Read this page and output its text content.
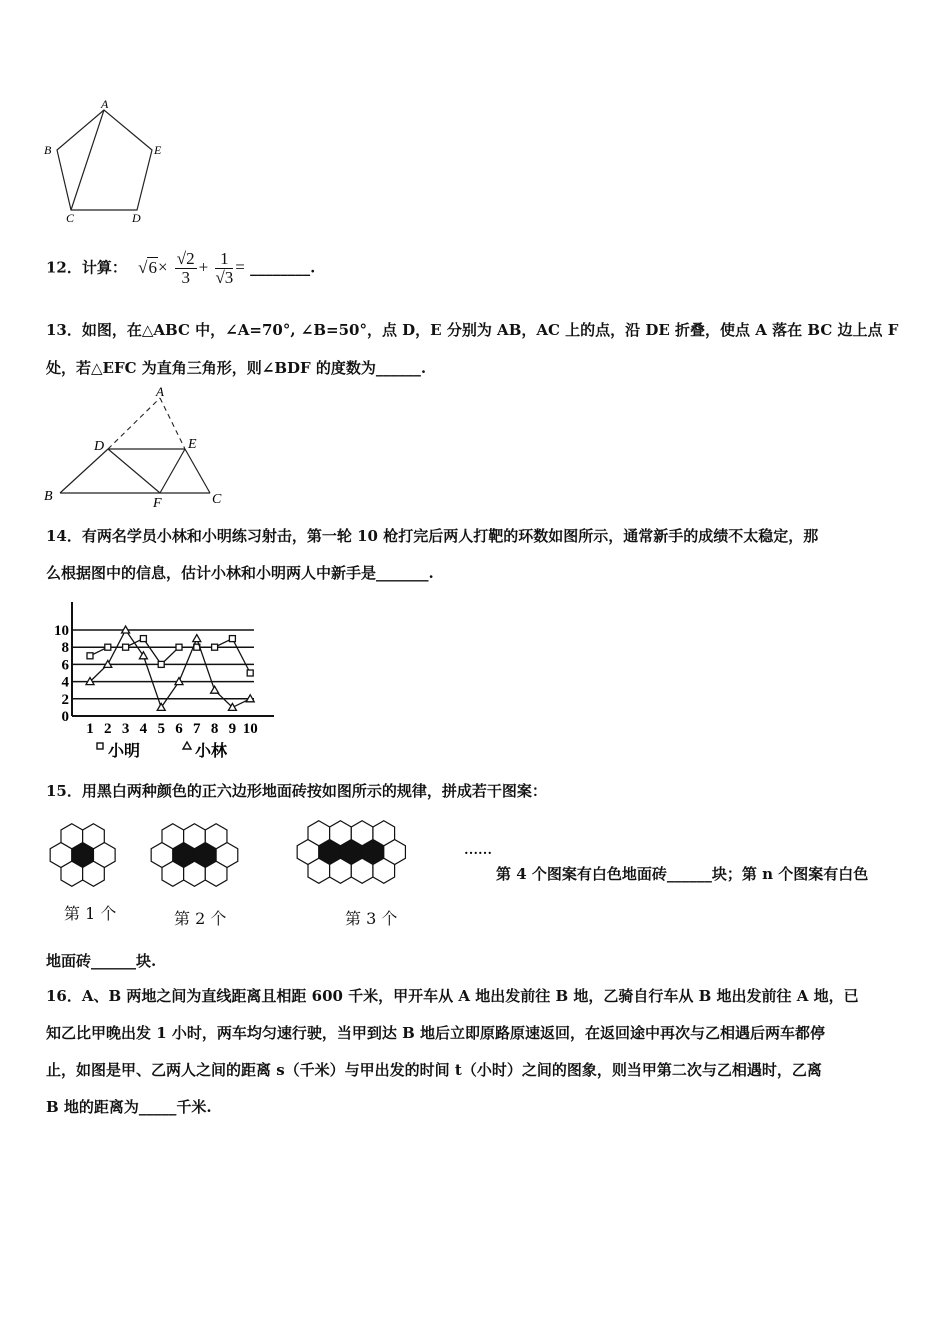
A
B
C	D
E
12．计算： $√6\times \frac{√2}{3} + \frac{1}{√3}$ = ________.
13．如图，在△ABC 中，∠A=70°, ∠B=50°，点 D，E 分别为 AB，AC 上的点，沿 DE 折叠，使点 A 落在 BC 边上点 F
处，若△EFC 为直角三角形，则∠BDF 的度数为______.
A
D	E
B	F	C
14．有两名学员小林和小明练习射击，第一轮 10 枪打完后两人打靶的环数如图所示，通常新手的成绩不太稳定，那
么根据图中的信息，估计小林和小明两人中新手是_______.
0
2
4
6
8
10
1 2 3 4 5 6 7 8 9 10
小明	小林
15．用黑白两种颜色的正六边形地面砖按如图所示的规律，拼成若干图案：
……
第 1 个	第 2 个	第 3 个
第 4 个图案有白色地面砖______块；第 n 个图案有白色
地面砖______块.
16．A、B 两地之间为直线距离且相距 600 千米，甲开车从 A 地出发前往 B 地，乙骑自行车从 B 地出发前往 A 地，已
知乙比甲晚出发 1 小时，两车均匀速行驶，当甲到达 B 地后立即原路原速返回，在返回途中再次与乙相遇后两车都停
止，如图是甲、乙两人之间的距离 s（千米）与甲出发的时间 t（小时）之间的图象，则当甲第二次与乙相遇时，乙离
B 地的距离为_____千米.
